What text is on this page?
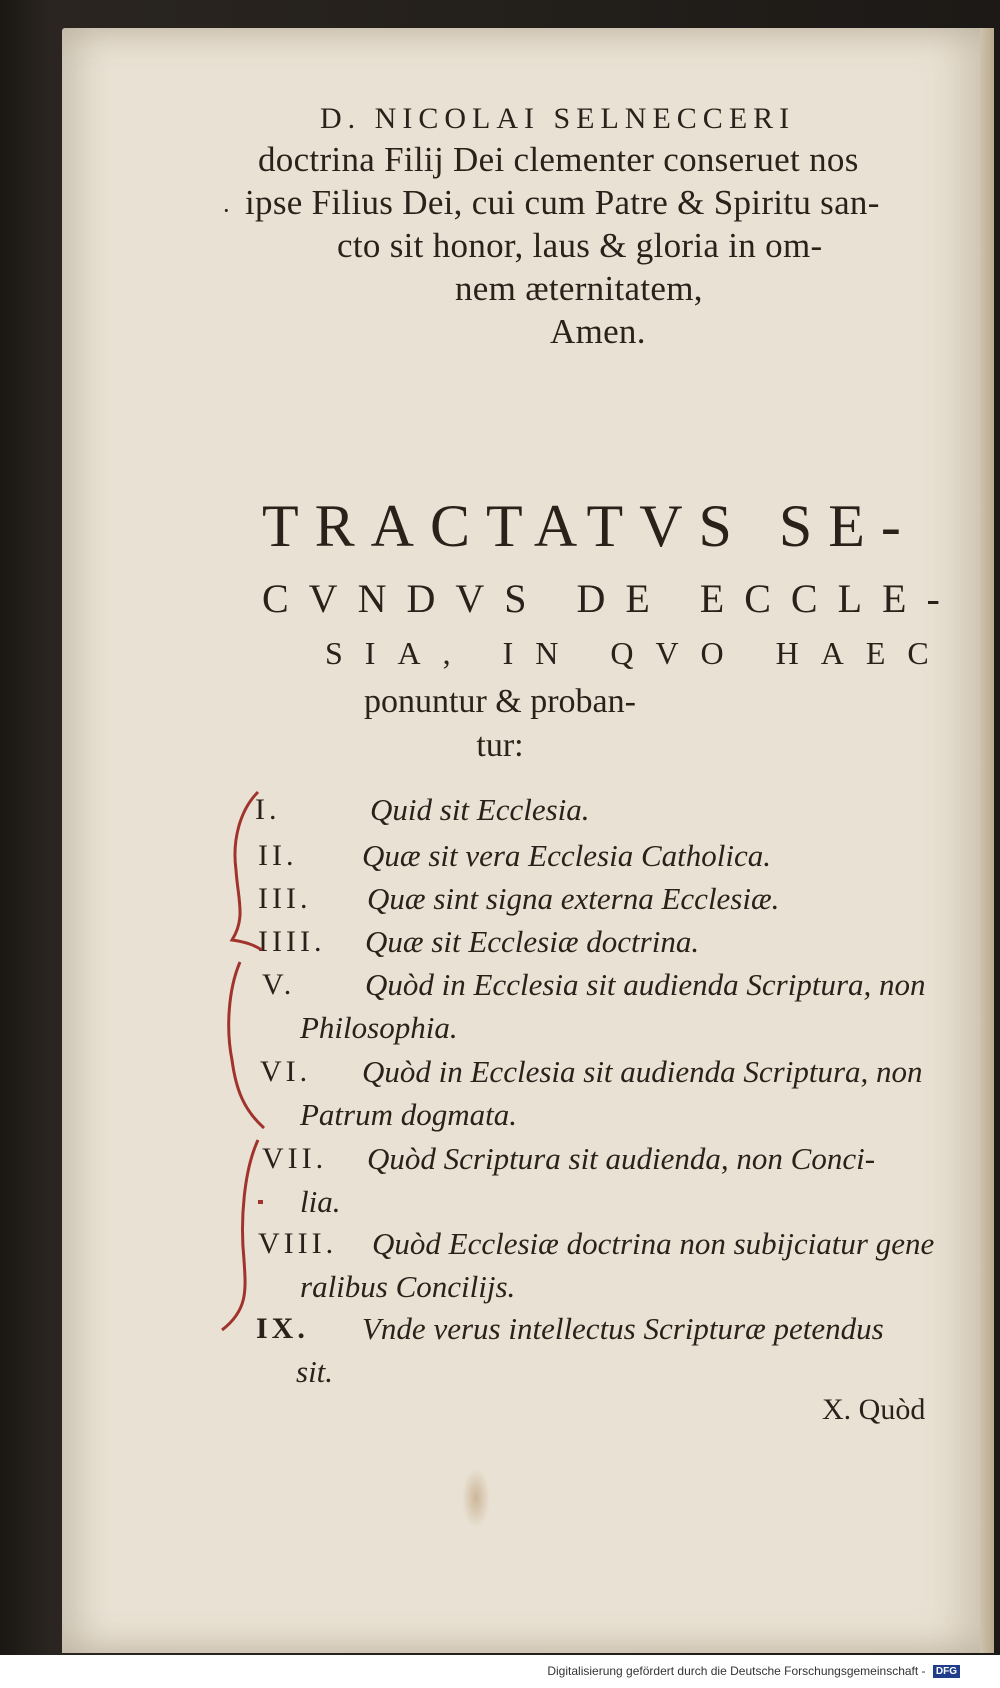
D. NICOLAI SELNECCERI
doctrina Filij Dei clementer conseruet nos
ipse Filius Dei, cui cum Patre & Spiritu san-
cto sit honor, laus & gloria in om-
nem æternitatem,
Amen.
·
TRACTATVS SE-
CVNDVS DE ECCLE-
SIA, IN QVO HAEC
ponuntur & proban-
tur:
I.	Quid sit Ecclesia.
II. Quæ sit vera Ecclesia Catholica.
III. Quæ sint signa externa Ecclesiæ.
IIII. Quæ sit Ecclesiæ doctrina.
V. Quòd in Ecclesia sit audienda Scriptura, non
Philosophia.
VI. Quòd in Ecclesia sit audienda Scriptura, non
Patrum dogmata.
VII. Quòd Scriptura sit audienda, non Conci-
lia.
VIII. Quòd Ecclesiæ doctrina non subijciatur gene
ralibus Concilijs.
IX. Vnde verus intellectus Scripturæ petendus
sit.
X. Quòd
Digitalisierung gefördert durch die Deutsche Forschungsgemeinschaft - DFG
